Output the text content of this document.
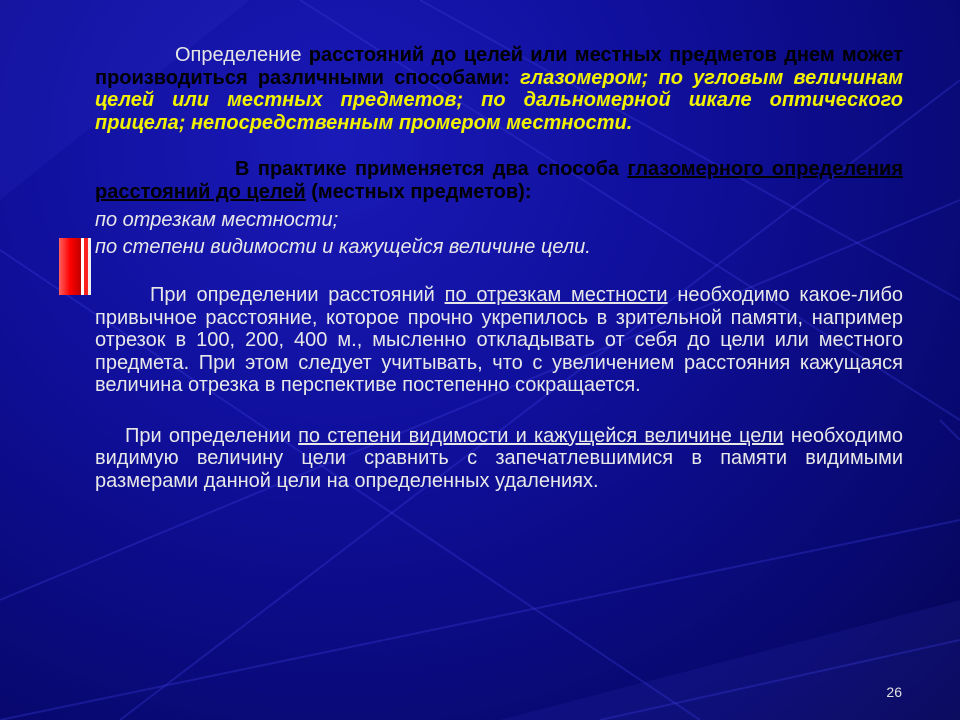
Определение расстояний до целей или местных предметов днем может производиться различными способами: глазомером; по угловым величинам целей или местных предметов; по дальномерной шкале оптического прицела; непосредственным промером местности.

В практике применяется два способа глазомерного определения расстояний до целей (местных предметов):

по отрезкам местности;
по степени видимости и кажущейся величине цели.

При определении расстояний по отрезкам местности необходимо какое-либо привычное расстояние, которое прочно укрепилось в зрительной памяти, например отрезок в 100, 200, 400 м., мысленно откладывать от себя до цели или местного предмета. При этом следует учитывать, что с увеличением расстояния кажущаяся величина отрезка в перспективе постепенно сокращается.

При определении по степени видимости и кажущейся величине цели необходимо видимую величину цели сравнить с запечатлевшимися в памяти видимыми размерами данной цели на определенных удалениях.

26
